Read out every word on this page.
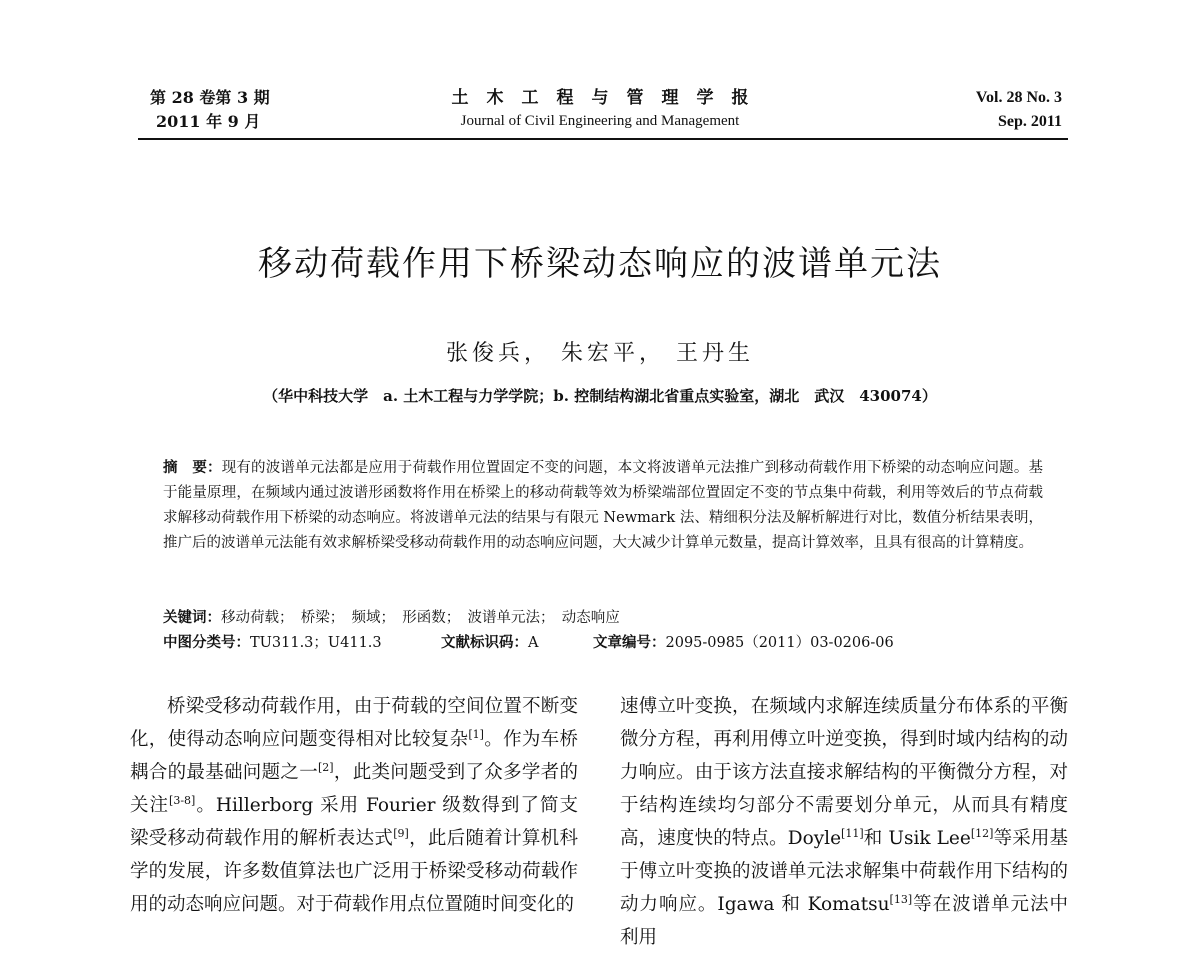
第 28 卷第 3 期
2011 年 9 月
土木工程与管理学报
Journal of Civil Engineering and Management
Vol. 28 No. 3
Sep. 2011
移动荷载作用下桥梁动态响应的波谱单元法
张俊兵， 朱宏平， 王丹生
（华中科技大学　a. 土木工程与力学学院；b. 控制结构湖北省重点实验室，湖北　武汉　430074）
摘　要：现有的波谱单元法都是应用于荷载作用位置固定不变的问题，本文将波谱单元法推广到移动荷载作用下桥梁的动态响应问题。基于能量原理，在频域内通过波谱形函数将作用在桥梁上的移动荷载等效为桥梁端部位置固定不变的节点集中荷载，利用等效后的节点荷载求解移动荷载作用下桥梁的动态响应。将波谱单元法的结果与有限元 Newmark 法、精细积分法及解析解进行对比，数值分析结果表明，推广后的波谱单元法能有效求解桥梁受移动荷载作用的动态响应问题，大大减少计算单元数量，提高计算效率，且具有很高的计算精度。
关键词：移动荷载；　桥梁；　频域；　形函数；　波谱单元法；　动态响应
中图分类号：TU311.3；U411.3	文献标识码：A	文章编号：2095-0985（2011）03-0206-06

桥梁受移动荷载作用，由于荷载的空间位置不断变化，使得动态响应问题变得相对比较复杂[1]。作为车桥耦合的最基础问题之一[2]，此类问题受到了众多学者的关注[3-8]。Hillerborg 采用 Fourier 级数得到了简支梁受移动荷载作用的解析表达式[9]，此后随着计算机科学的发展，许多数值算法也广泛用于桥梁受移动荷载作用的动态响应问题。对于荷载作用点位置随时间变化的

速傅立叶变换，在频域内求解连续质量分布体系的平衡微分方程，再利用傅立叶逆变换，得到时域内结构的动力响应。由于该方法直接求解结构的平衡微分方程，对于结构连续均匀部分不需要划分单元，从而具有精度高，速度快的特点。Doyle[11]和 Usik Lee[12]等采用基于傅立叶变换的波谱单元法求解集中荷载作用下结构的动力响应。Igawa 和 Komatsu[13]等在波谱单元法中利用
